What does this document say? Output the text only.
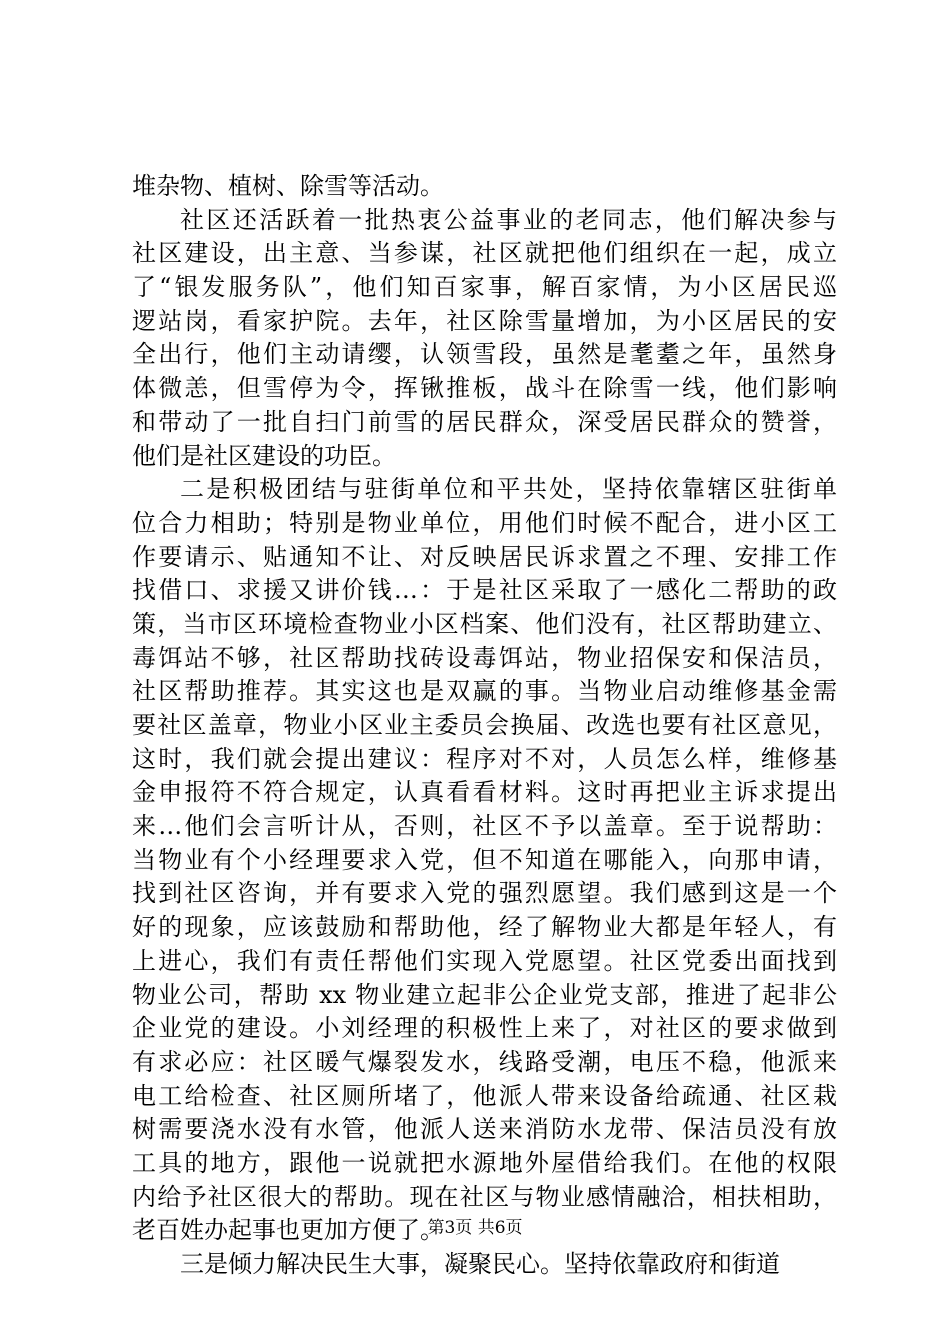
堆杂物、植树、除雪等活动。
社区还活跃着一批热衷公益事业的老同志，他们解决参与
社区建设，出主意、当参谋，社区就把他们组织在一起，成立
了“银发服务队”，他们知百家事，解百家情，为小区居民巡
逻站岗，看家护院。去年，社区除雪量增加，为小区居民的安
全出行，他们主动请缨，认领雪段，虽然是耄耋之年，虽然身
体微恙，但雪停为令，挥锹推板，战斗在除雪一线，他们影响
和带动了一批自扫门前雪的居民群众，深受居民群众的赞誉，
他们是社区建设的功臣。
二是积极团结与驻街单位和平共处，坚持依靠辖区驻街单
位合力相助；特别是物业单位，用他们时候不配合，进小区工
作要请示、贴通知不让、对反映居民诉求置之不理、安排工作
找借口、求援又讲价钱…：于是社区采取了一感化二帮助的政
策，当市区环境检查物业小区档案、他们没有，社区帮助建立、
毒饵站不够，社区帮助找砖设毒饵站，物业招保安和保洁员，
社区帮助推荐。其实这也是双赢的事。当物业启动维修基金需
要社区盖章，物业小区业主委员会换届、改选也要有社区意见，
这时，我们就会提出建议：程序对不对，人员怎么样，维修基
金申报符不符合规定，认真看看材料。这时再把业主诉求提出
来…他们会言听计从，否则，社区不予以盖章。至于说帮助：
当物业有个小经理要求入党，但不知道在哪能入，向那申请，
找到社区咨询，并有要求入党的强烈愿望。我们感到这是一个
好的现象，应该鼓励和帮助他，经了解物业大都是年轻人，有
上进心，我们有责任帮他们实现入党愿望。社区党委出面找到
物业公司，帮助 xx 物业建立起非公企业党支部，推进了起非公
企业党的建设。小刘经理的积极性上来了，对社区的要求做到
有求必应：社区暖气爆裂发水，线路受潮，电压不稳，他派来
电工给检查、社区厕所堵了，他派人带来设备给疏通、社区栽
树需要浇水没有水管，他派人送来消防水龙带、保洁员没有放
工具的地方，跟他一说就把水源地外屋借给我们。在他的权限
内给予社区很大的帮助。现在社区与物业感情融洽，相扶相助，
老百姓办起事也更加方便了。
三是倾力解决民生大事，凝聚民心。坚持依靠政府和街道
第3页 共6页
